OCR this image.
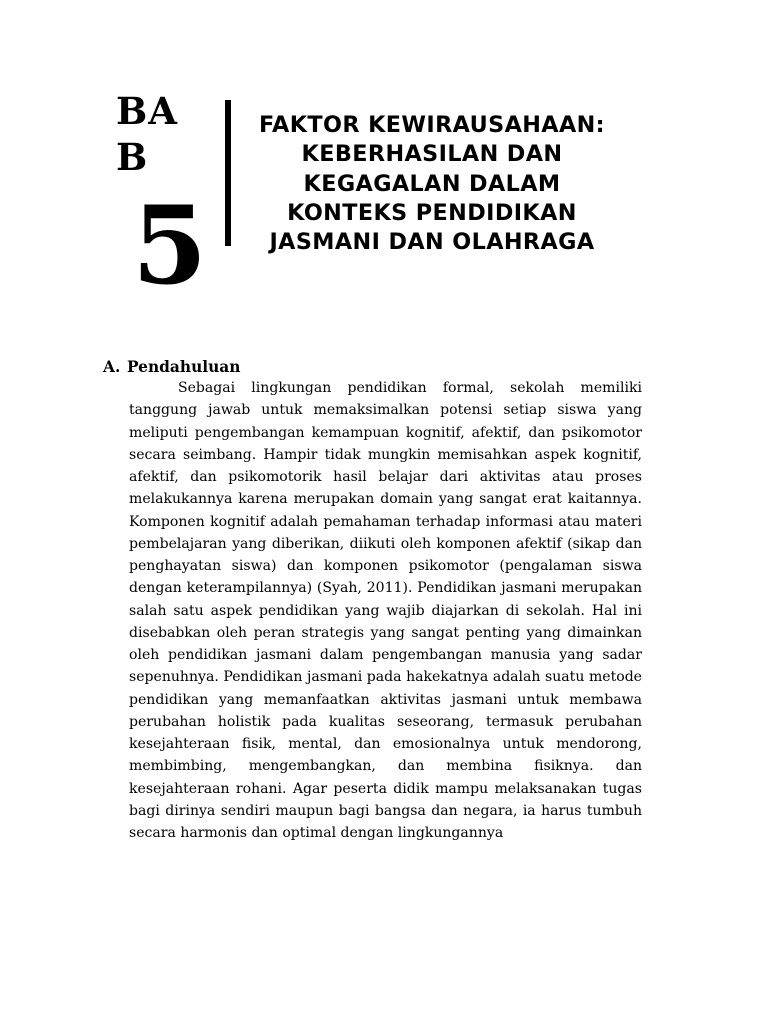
BA B

5

FAKTOR KEWIRAUSAHAAN: KEBERHASILAN DAN KEGAGALAN DALAM KONTEKS PENDIDIKAN JASMANI DAN OLAHRAGA
A. Pendahuluan

Sebagai lingkungan pendidikan formal, sekolah memiliki tanggung jawab untuk memaksimalkan potensi setiap siswa yang meliputi pengembangan kemampuan kognitif, afektif, dan psikomotor secara seimbang. Hampir tidak mungkin memisahkan aspek kognitif, afektif, dan psikomotorik hasil belajar dari aktivitas atau proses melakukannya karena merupakan domain yang sangat erat kaitannya. Komponen kognitif adalah pemahaman terhadap informasi atau materi pembelajaran yang diberikan, diikuti oleh komponen afektif (sikap dan penghayatan siswa) dan komponen psikomotor (pengalaman siswa dengan keterampilannya) (Syah, 2011). Pendidikan jasmani merupakan salah satu aspek pendidikan yang wajib diajarkan di sekolah. Hal ini disebabkan oleh peran strategis yang sangat penting yang dimainkan oleh pendidikan jasmani dalam pengembangan manusia yang sadar sepenuhnya. Pendidikan jasmani pada hakekatnya adalah suatu metode pendidikan yang memanfaatkan aktivitas jasmani untuk membawa perubahan holistik pada kualitas seseorang, termasuk perubahan kesejahteraan fisik, mental, dan emosionalnya untuk mendorong, membimbing, mengembangkan, dan membina fisiknya. dan kesejahteraan rohani. Agar peserta didik mampu melaksanakan tugas bagi dirinya sendiri maupun bagi bangsa dan negara, ia harus tumbuh secara harmonis dan optimal dengan lingkungannya
